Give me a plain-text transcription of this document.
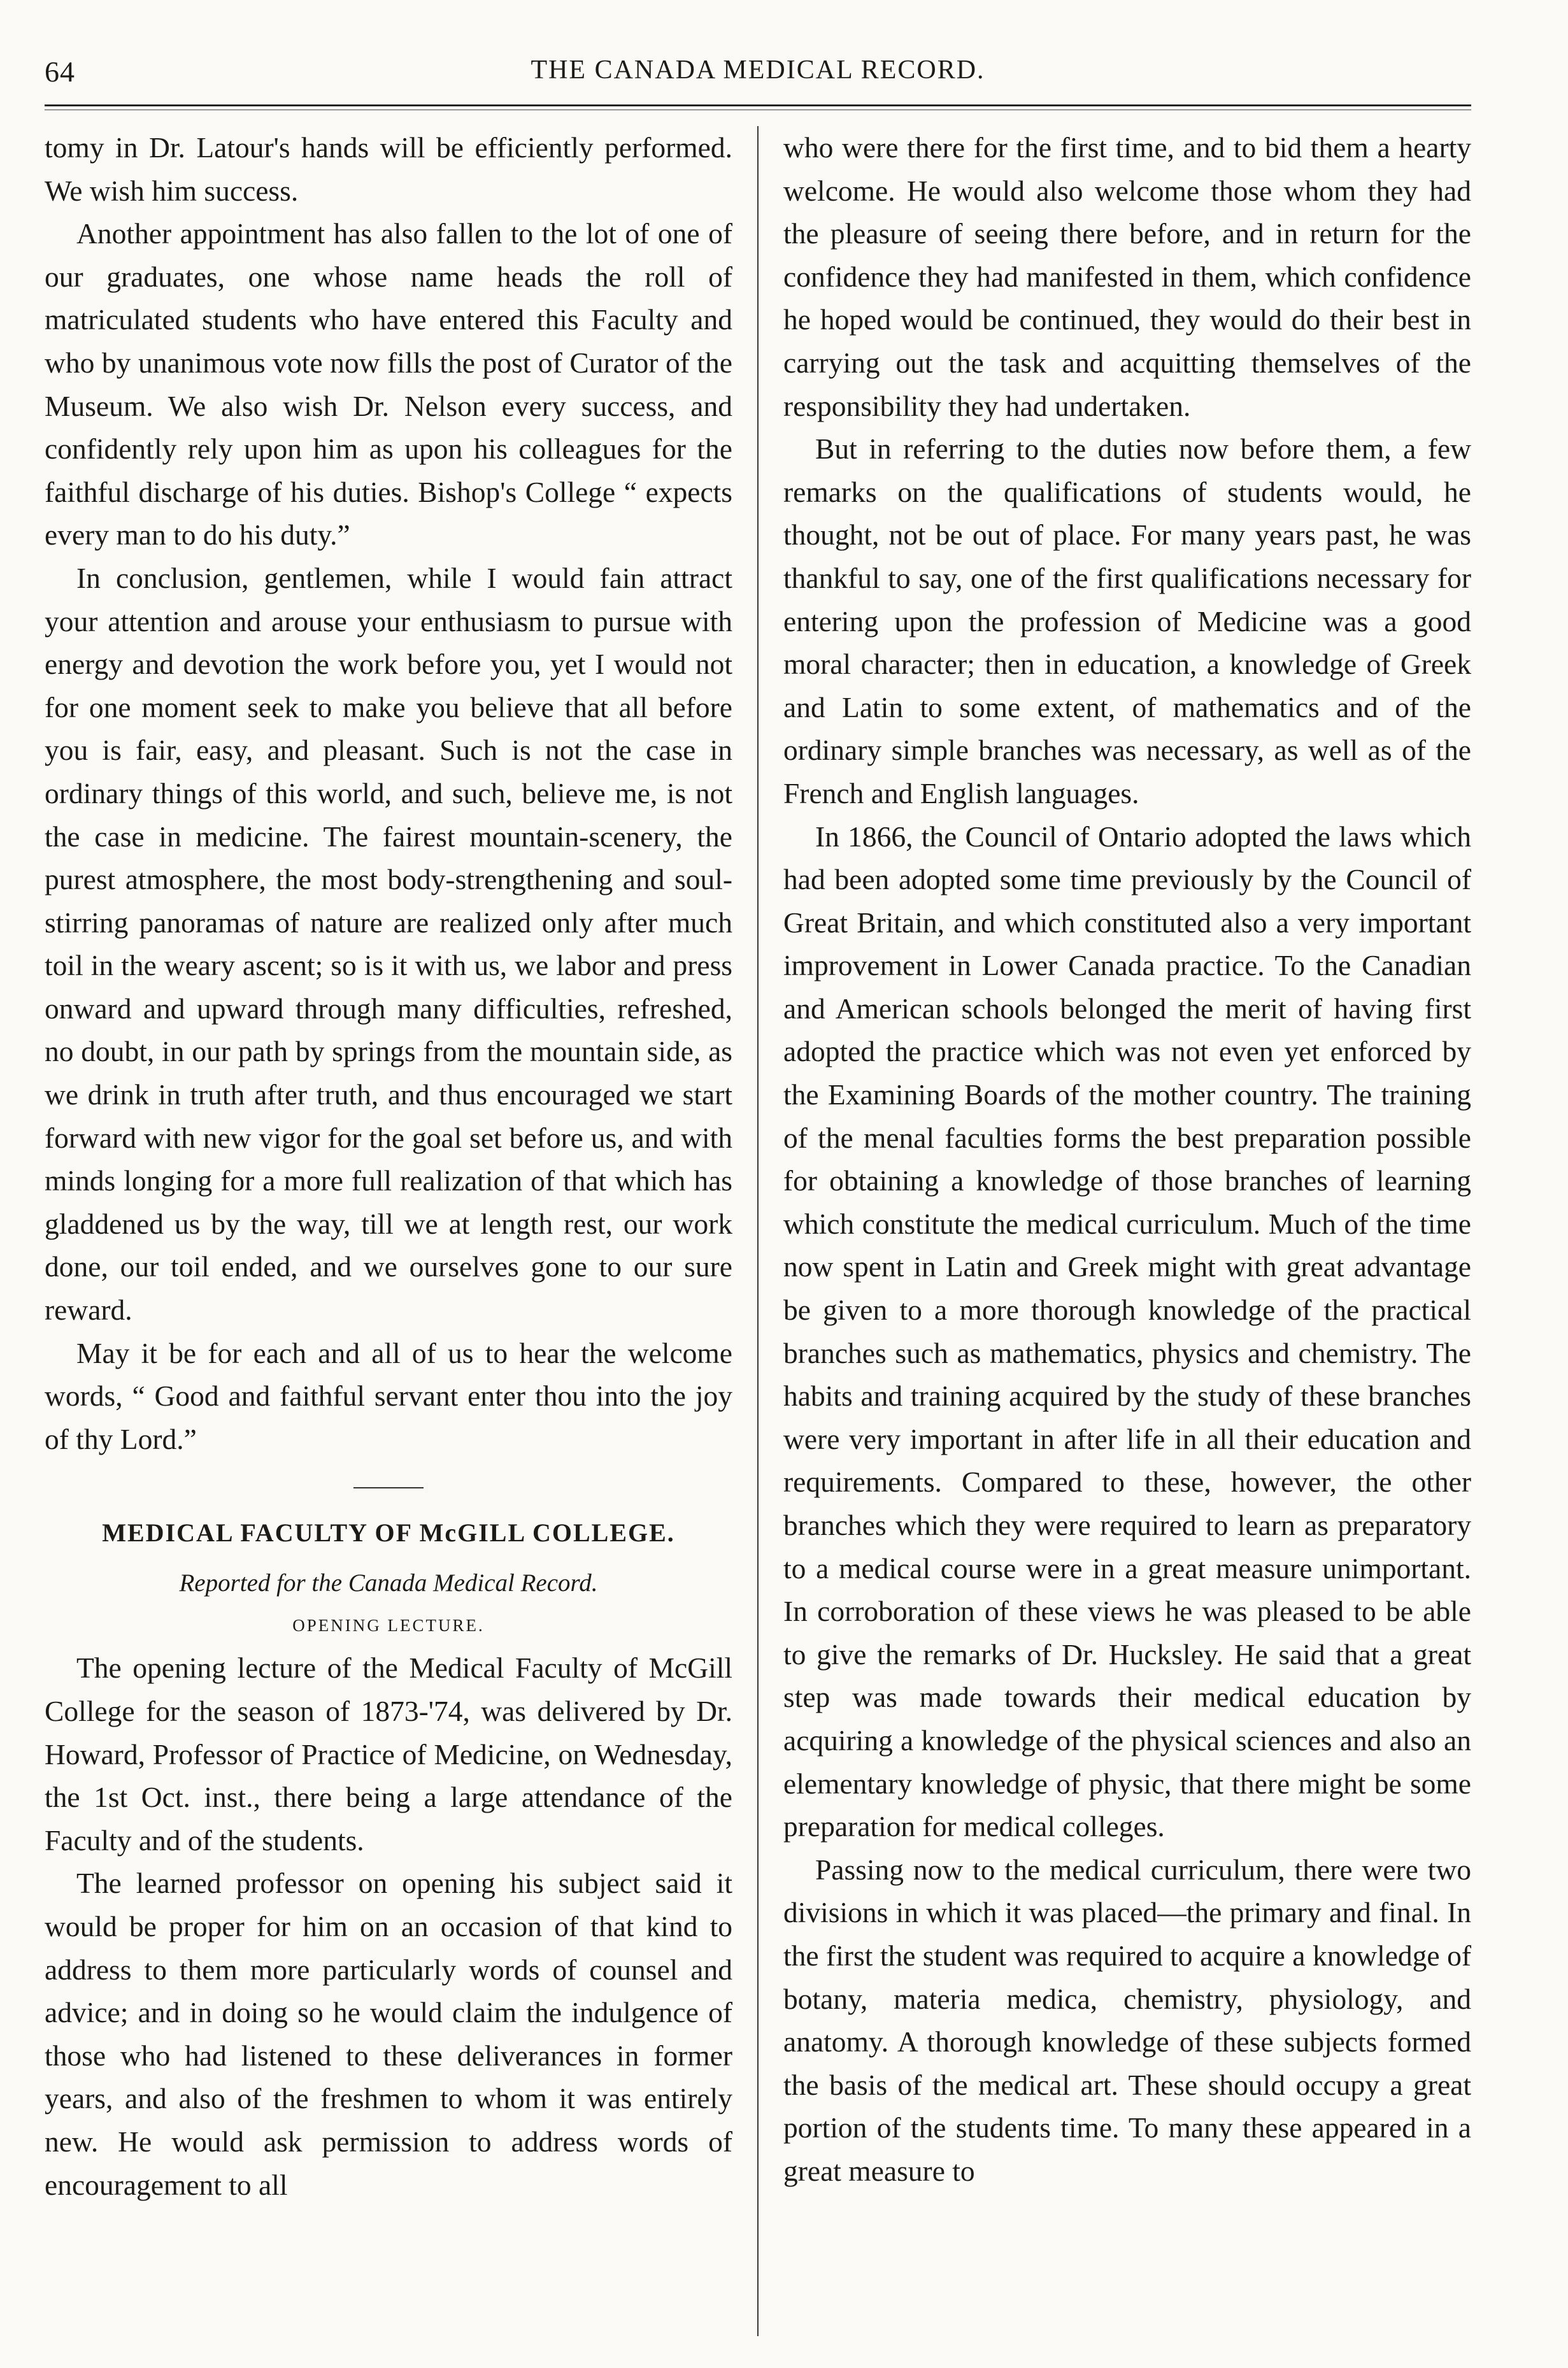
64	THE CANADA MEDICAL RECORD.

tomy in Dr. Latour's hands will be efficiently performed. We wish him success.

Another appointment has also fallen to the lot of one of our graduates, one whose name heads the roll of matriculated students who have entered this Faculty and who by unanimous vote now fills the post of Curator of the Museum. We also wish Dr. Nelson every success, and confidently rely upon him as upon his colleagues for the faithful discharge of his duties. Bishop's College “ expects every man to do his duty.”

In conclusion, gentlemen, while I would fain attract your attention and arouse your enthusiasm to pursue with energy and devotion the work before you, yet I would not for one moment seek to make you believe that all before you is fair, easy, and pleasant. Such is not the case in ordinary things of this world, and such, believe me, is not the case in medicine. The fairest mountain-scenery, the purest atmosphere, the most body-strengthening and soul-stirring panoramas of nature are realized only after much toil in the weary ascent; so is it with us, we labor and press onward and upward through many difficulties, refreshed, no doubt, in our path by springs from the mountain side, as we drink in truth after truth, and thus encouraged we start forward with new vigor for the goal set before us, and with minds longing for a more full realization of that which has gladdened us by the way, till we at length rest, our work done, our toil ended, and we ourselves gone to our sure reward.

May it be for each and all of us to hear the welcome words, “ Good and faithful servant enter thou into the joy of thy Lord.”

MEDICAL FACULTY OF McGILL COLLEGE.
Reported for the Canada Medical Record.
OPENING LECTURE.

The opening lecture of the Medical Faculty of McGill College for the season of 1873-'74, was delivered by Dr. Howard, Professor of Practice of Medicine, on Wednesday, the 1st Oct. inst., there being a large attendance of the Faculty and of the students.

The learned professor on opening his subject said it would be proper for him on an occasion of that kind to address to them more particularly words of counsel and advice; and in doing so he would claim the indulgence of those who had listened to these deliverances in former years, and also of the freshmen to whom it was entirely new. He would ask permission to address words of encouragement to all

who were there for the first time, and to bid them a hearty welcome. He would also welcome those whom they had the pleasure of seeing there before, and in return for the confidence they had manifested in them, which confidence he hoped would be continued, they would do their best in carrying out the task and acquitting themselves of the responsibility they had undertaken.

But in referring to the duties now before them, a few remarks on the qualifications of students would, he thought, not be out of place. For many years past, he was thankful to say, one of the first qualifications necessary for entering upon the profession of Medicine was a good moral character; then in education, a knowledge of Greek and Latin to some extent, of mathematics and of the ordinary simple branches was necessary, as well as of the French and English languages.

In 1866, the Council of Ontario adopted the laws which had been adopted some time previously by the Council of Great Britain, and which constituted also a very important improvement in Lower Canada practice. To the Canadian and American schools belonged the merit of having first adopted the practice which was not even yet enforced by the Examining Boards of the mother country. The training of the menal faculties forms the best preparation possible for obtaining a knowledge of those branches of learning which constitute the medical curriculum. Much of the time now spent in Latin and Greek might with great advantage be given to a more thorough knowledge of the practical branches such as mathematics, physics and chemistry. The habits and training acquired by the study of these branches were very important in after life in all their education and requirements. Compared to these, however, the other branches which they were required to learn as preparatory to a medical course were in a great measure unimportant. In corroboration of these views he was pleased to be able to give the remarks of Dr. Hucksley. He said that a great step was made towards their medical education by acquiring a knowledge of the physical sciences and also an elementary knowledge of physic, that there might be some preparation for medical colleges.

Passing now to the medical curriculum, there were two divisions in which it was placed—the primary and final. In the first the student was required to acquire a knowledge of botany, materia medica, chemistry, physiology, and anatomy. A thorough knowledge of these subjects formed the basis of the medical art. These should occupy a great portion of the students time. To many these appeared in a great measure to
